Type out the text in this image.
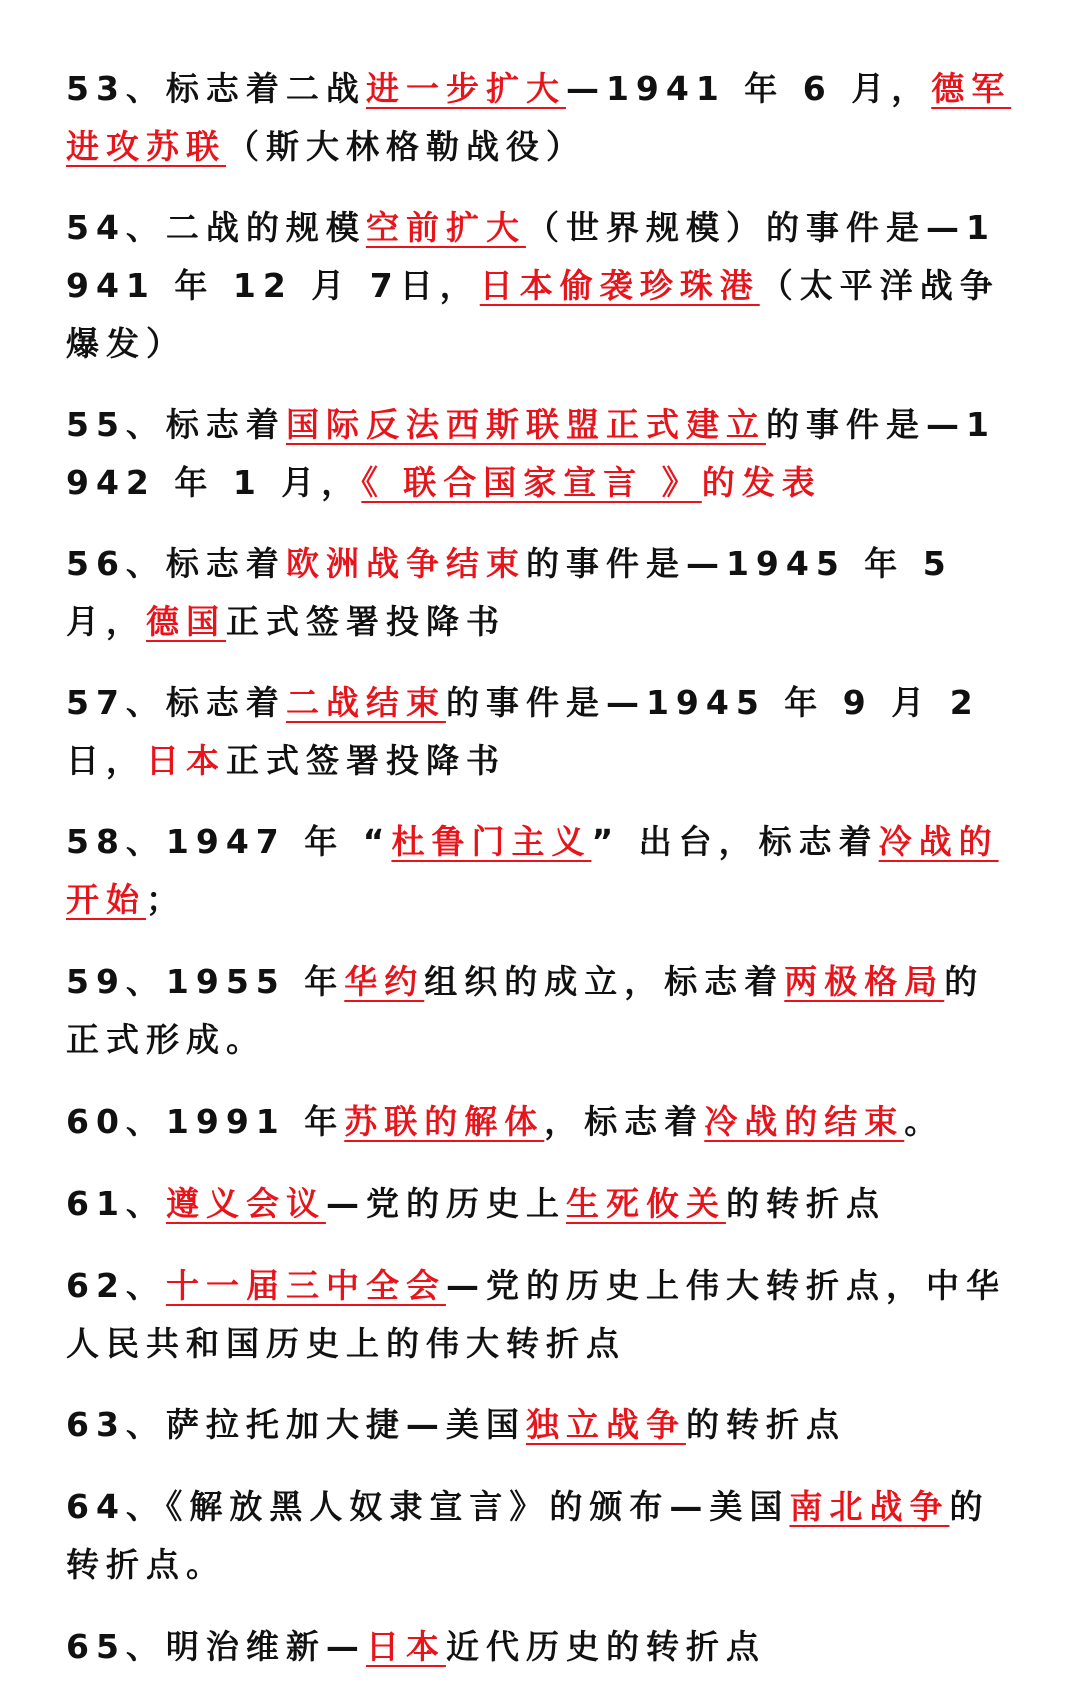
53、标志着二战进一步扩大—1941 年 6 月，德军进攻苏联（斯大林格勒战役）

54、二战的规模空前扩大（世界规模）的事件是—1941 年 12 月 7日，日本偷袭珍珠港（太平洋战争爆发）

55、标志着国际反法西斯联盟正式建立的事件是—1942 年 1 月，《 联合国家宣言 》的发表

56、标志着欧洲战争结束的事件是—1945 年 5 月，德国正式签署投降书

57、标志着二战结束的事件是—1945 年 9 月 2 日，日本正式签署投降书

58、1947 年 “杜鲁门主义” 出台，标志着冷战的开始；

59、1955 年华约组织的成立，标志着两极格局的正式形成。

60、1991 年苏联的解体，标志着冷战的结束。

61、遵义会议—党的历史上生死攸关的转折点

62、十一届三中全会—党的历史上伟大转折点，中华人民共和国历史上的伟大转折点

63、萨拉托加大捷—美国独立战争的转折点

64、《解放黑人奴隶宣言》的颁布—美国南北战争的转折点。

65、明治维新—日本近代历史的转折点
